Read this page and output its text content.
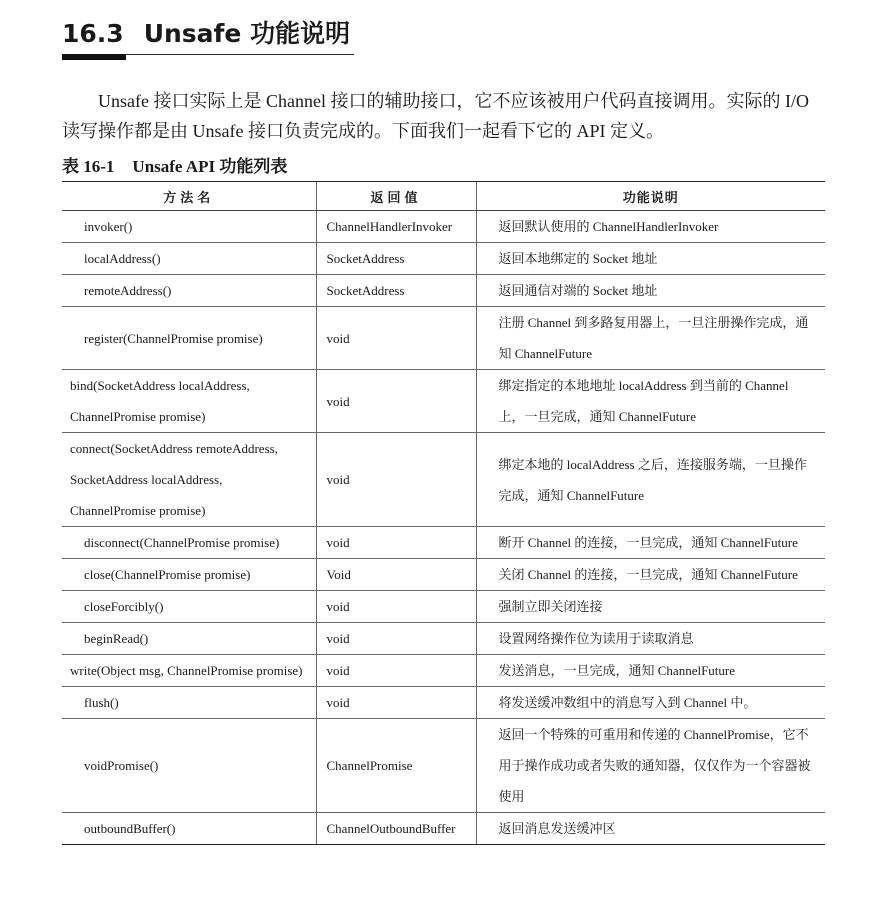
16.3 Unsafe 功能说明

Unsafe 接口实际上是 Channel 接口的辅助接口，它不应该被用户代码直接调用。实际的 I/O 读写操作都是由 Unsafe 接口负责完成的。下面我们一起看下它的 API 定义。

表 16-1 Unsafe API 功能列表
方法名	返回值	功能说明
invoker()	ChannelHandlerInvoker	返回默认使用的 ChannelHandlerInvoker
localAddress()	SocketAddress	返回本地绑定的 Socket 地址
remoteAddress()	SocketAddress	返回通信对端的 Socket 地址
register(ChannelPromise promise)	void	注册 Channel 到多路复用器上，一旦注册操作完成，通知 ChannelFuture
bind(SocketAddress localAddress, ChannelPromise promise)	void	绑定指定的本地地址 localAddress 到当前的 Channel 上，一旦完成，通知 ChannelFuture
connect(SocketAddress remoteAddress, SocketAddress localAddress, ChannelPromise promise)	void	绑定本地的 localAddress 之后，连接服务端，一旦操作完成，通知 ChannelFuture
disconnect(ChannelPromise promise)	void	断开 Channel 的连接，一旦完成，通知 ChannelFuture
close(ChannelPromise promise)	Void	关闭 Channel 的连接，一旦完成，通知 ChannelFuture
closeForcibly()	void	强制立即关闭连接
beginRead()	void	设置网络操作位为读用于读取消息
write(Object msg, ChannelPromise promise)	void	发送消息，一旦完成，通知 ChannelFuture
flush()	void	将发送缓冲数组中的消息写入到 Channel 中。
voidPromise()	ChannelPromise	返回一个特殊的可重用和传递的 ChannelPromise，它不用于操作成功或者失败的通知器，仅仅作为一个容器被使用
outboundBuffer()	ChannelOutboundBuffer	返回消息发送缓冲区
